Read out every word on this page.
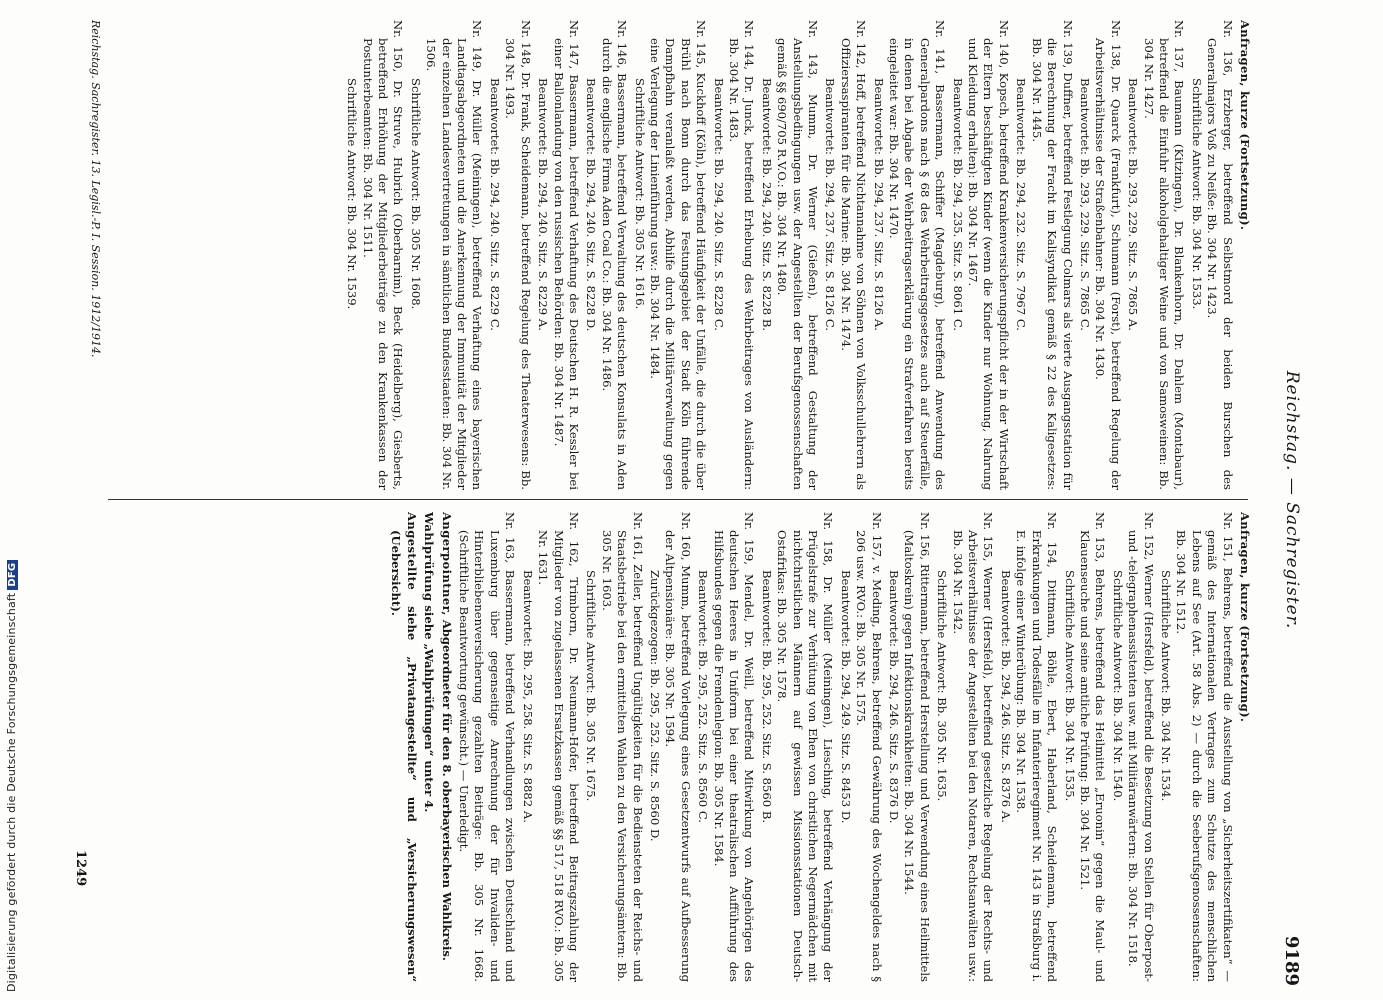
Reichstag. — Sachregister.
9189
Anfragen, kurze (Fortsetzung).
Nr. 136, Erzberger, betreffend Selbstmord der beiden Burschen des Generalmajors Voß zu Neiße: Bb. 304 Nr. 1423.
Schriftliche Antwort: Bb. 304 Nr. 1533.
Nr. 137, Baumann (Kitzingen), Dr. Blankenhorn, Dr. Dahlem (Montabaur), betreffend die Einfuhr alkoholgehaltiger Weine und von Samosweinen: Bb. 304 Nr. 1427.
Beantwortet: Bb. 293, 229. Sitz. S. 7865 A.
Nr. 138, Dr. Quarck (Frankfurt), Schumann (Forst), betreffend Regelung der Arbeitsverhältnisse der Straßenbahner: Bb. 304 Nr. 1430.
Beantwortet: Bb. 293, 229. Sitz. S. 7865 C.
Nr. 139, Duffner, betreffend Festlegung Colmars als vierte Ausgangsstation für die Berechnung der Fracht im Kalisyndikat gemäß § 22 des Kaligesetzes: Bb. 304 Nr. 1445.
Beantwortet: Bb. 294, 232. Sitz. S. 7967 C.
Nr. 140, Kopsch, betreffend Krankenversicherungspflicht der in der Wirtschaft der Eltern beschäftigten Kinder (wenn die Kinder nur Wohnung, Nahrung und Kleidung erhalten): Bb. 304 Nr. 1467.
Beantwortet: Bb. 294, 235. Sitz. S. 8061 C.
Nr. 141, Bassermann, Schiffer (Magdeburg), betreffend Anwendung des Generalpardons nach § 68 des Wehrbeitragsgesetzes auch auf Steuerfälle, in denen bei Abgabe der Wehrbeitragserklärung ein Strafverfahren bereits eingeleitet war: Bb. 304 Nr. 1470.
Beantwortet: Bb. 294, 237. Sitz. S. 8126 A.
Nr. 142, Hoff, betreffend Nichtannahme von Söhnen von Volksschullehrern als Offiziersaspiranten für die Marine: Bb. 304 Nr. 1474.
Beantwortet: Bb. 294, 237. Sitz. S. 8126 C.
Nr. 143, Mumm, Dr. Werner (Gießen), betreffend Gestaltung der Anstellungsbedingungen usw. der Angestellten der Berufsgenossenschaften gemäß §§ 690/705 R.V.O.: Bb. 304 Nr. 1480.
Beantwortet: Bb. 294, 240. Sitz. S. 8228 B.
Nr. 144, Dr. Junck, betreffend Erhebung des Wehrbeitrages von Ausländern: Bb. 304 Nr. 1483.
Beantwortet: Bb. 294, 240. Sitz. S. 8228 C.
Nr. 145, Kuckhoff (Köln), betreffend Häufigkeit der Unfälle, die durch die über Brühl nach Bonn durch das Festungsgebiet der Stadt Köln führende Dampfbahn veranlaßt werden, Abhilfe durch die Militärverwaltung gegen eine Verlegung der Linienführung usw.: Bb. 304 Nr. 1484.
Schriftliche Antwort: Bb. 305 Nr. 1616.
Nr. 146, Bassermann, betreffend Verwaltung des deutschen Konsulats in Aden durch die englische Firma Aden Coal Co.: Bb. 304 Nr. 1486.
Beantwortet: Bb. 294, 240. Sitz. S. 8228 D.
Nr. 147, Bassermann, betreffend Verhaftung des Deutschen H. R. Kessler bei einer Ballonlandung von den russischen Behörden: Bb. 304 Nr. 1487.
Beantwortet: Bb. 294, 240. Sitz. S. 8229 A.
Nr. 148, Dr. Frank, Scheidemann, betreffend Regelung des Theaterwesens: Bb. 304 Nr. 1493.
Beantwortet: Bb. 294, 240. Sitz. S. 8229 C.
Nr. 149, Dr. Müller (Meiningen), betreffend Verhaftung eines bayerischen Landtagsabgeordneten und die Anerkennung der Immunität der Mitglieder der einzelnen Landesvertretungen in sämtlichen Bundesstaaten: Bb. 304 Nr. 1506.
Schriftliche Antwort: Bb. 305 Nr. 1608.
Nr. 150, Dr. Struve, Hubrich (Oberbarnim), Beck (Heidelberg), Giesberts, betreffend Erhöhung der Mitgliederbeiträge zu den Krankenkassen der Postunterbeamten: Bb. 304 Nr. 1511.
Schriftliche Antwort: Bb. 304 Nr. 1539.
Anfragen, kurze (Fortsetzung).
Nr. 151, Behrens, betreffend die Ausstellung von „Sicherheitszertifikaten“ — gemäß des Internationalen Vertrages zum Schutze des menschlichen Lebens auf See (Art. 58 Abs. 2) — durch die Seeberufsgenossenschaften: Bb. 304 Nr. 1512.
Schriftliche Antwort: Bb. 304 Nr. 1534.
Nr. 152, Werner (Hersfeld), betreffend die Besetzung von Stellen für Oberpost- und -telegraphenassistenten usw. mit Militäranwärtern: Bb. 304 Nr. 1518.
Schriftliche Antwort: Bb. 304 Nr. 1540.
Nr. 153, Behrens, betreffend das Heilmittel „Eruonin“ gegen die Maul- und Klauenseuche und seine amtliche Prüfung: Bb. 304 Nr. 1521.
Schriftliche Antwort: Bb. 304 Nr. 1535.
Nr. 154, Dittmann, Böhle, Ebert, Haberland, Scheidemann, betreffend Erkrankungen und Todesfälle im Infanterieregiment Nr. 143 in Straßburg i. E. infolge einer Winterübung: Bb. 304 Nr. 1538.
Beantwortet: Bb. 294, 246. Sitz. S. 8376 A.
Nr. 155, Werner (Hersfeld), betreffend gesetzliche Regelung der Rechts- und Arbeitsverhältnisse der Angestellten bei den Notaren, Rechtsanwälten usw.: Bb. 304 Nr. 1542.
Schriftliche Antwort: Bb. 305 Nr. 1635.
Nr. 156, Rittermann, betreffend Herstellung und Verwendung eines Heilmittels (Maltoskrein) gegen Infektionskrankheiten: Bb. 304 Nr. 1544.
Beantwortet: Bb. 294, 246. Sitz. S. 8376 D.
Nr. 157, v. Meding, Behrens, betreffend Gewährung des Wochengeldes nach § 206 usw. RVO.: Bb. 305 Nr. 1575.
Beantwortet: Bb. 294, 249. Sitz. S. 8453 D.
Nr. 158, Dr. Müller (Meiningen), Liesching, betreffend Verhängung der Prügelstrafe zur Verhütung von Ehen von christlichen Negermädchen mit nichtchristlichen Männern auf gewissen Missionsstationen Deutsch-Ostafrikas: Bb. 305 Nr. 1578.
Beantwortet: Bb. 295, 252. Sitz. S. 8560 B.
Nr. 159, Mendel, Dr. Weill, betreffend Mitwirkung von Angehörigen des deutschen Heeres in Uniform bei einer theatralischen Aufführung des Hilfsbundes gegen die Fremdenlegion: Bb. 305 Nr. 1584.
Beantwortet: Bb. 295, 252. Sitz. S. 8560 C.
Nr. 160, Mumm, betreffend Vorlegung eines Gesetzentwurfs auf Aufbesserung der Altpensionäre: Bb. 305 Nr. 1594.
Zurückgezogen: Bb. 295, 252. Sitz. S. 8560 D.
Nr. 161, Zeller, betreffend Ungültigkeiten für die Bediensteten der Reichs- und Staatsbetriebe bei den ermittelten Wahlen zu den Versicherungsämtern: Bb. 305 Nr. 1603.
Schriftliche Antwort: Bb. 305 Nr. 1675.
Nr. 162, Trimborn, Dr. Neumann-Hofer, betreffend Beitragszahlung der Mitglieder von zugelassenen Ersatzkassen gemäß §§ 517, 518 RVO.: Bb. 305 Nr. 1631.
Beantwortet: Bb. 295, 258. Sitz. S. 8882 A.
Nr. 163, Bassermann, betreffend Verhandlungen zwischen Deutschland und Luxemburg über gegenseitige Anrechnung der für Invaliden- und Hinterbliebenenversicherung gezahlten Beiträge: Bb. 305 Nr. 1668. (Schriftliche Beantwortung gewünscht.) — Unerledigt.
Angerpointner, Abgeordneter für den 8. oberbayerischen Wahlkreis.
Wahlprüfung siehe „Wahlprüfungen“ unter 4.
Angestellte siehe „Privatangestellte“ und „Versicherungswesen“ (Uebersicht).
Reichstag. Sachregister. 13. Legisl.-P. I. Session. 1912/1914.
1249
Digitalisierung gefördert durch die Deutsche ForschungsgemeinschaftDFG
